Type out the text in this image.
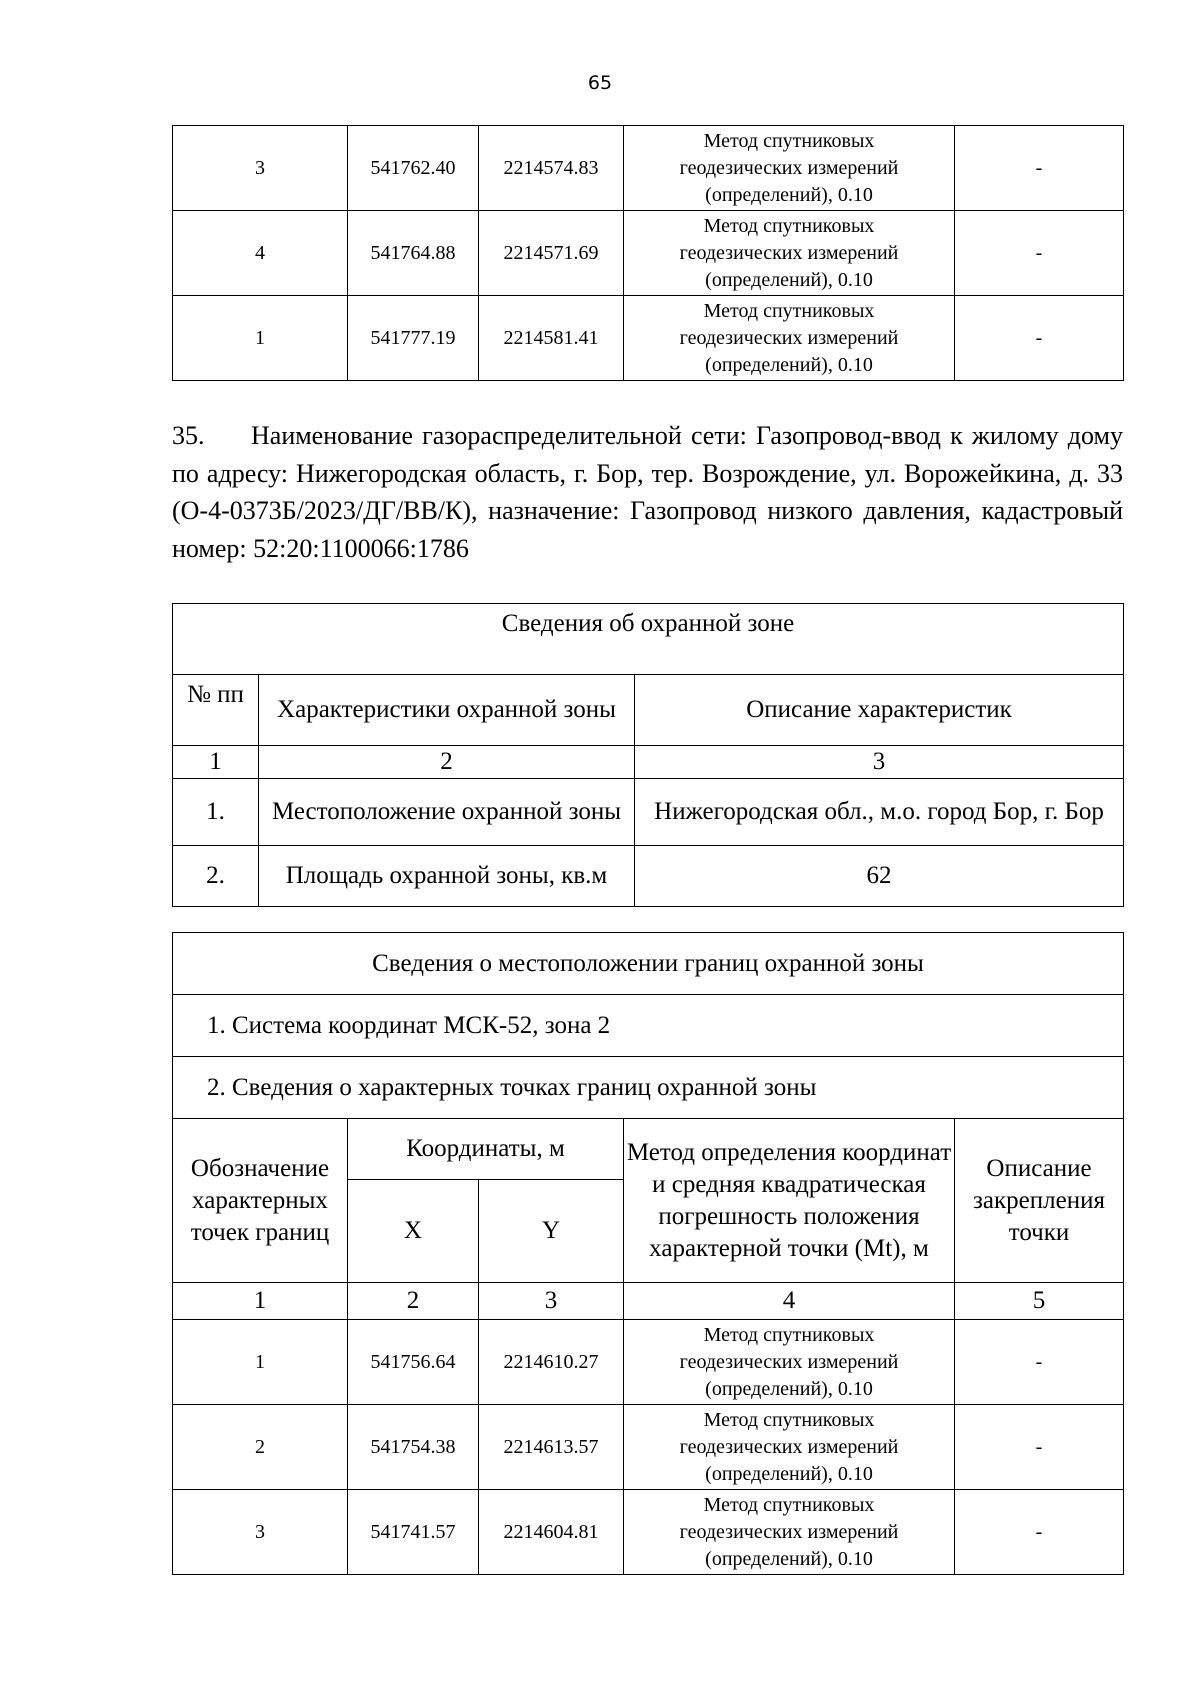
65
3	541762.40	2214574.83	Метод спутниковых
геодезических измерений
(определений), 0.10	-
4	541764.88	2214571.69	Метод спутниковых
геодезических измерений
(определений), 0.10	-
1	541777.19	2214581.41	Метод спутниковых
геодезических измерений
(определений), 0.10	-
35. Наименование газораспределительной сети: Газопровод-ввод к жилому дому по адресу: Нижегородская область, г. Бор, тер. Возрождение, ул. Ворожейкина, д. 33 (О-4-0373Б/2023/ДГ/ВВ/К), назначение: Газопровод низкого давления, кадастровый номер: 52:20:1100066:1786
Сведения об охранной зоне		
№ пп	Характеристики охранной зоны	Описание характеристик
1	2	3
1.	Местоположение охранной зоны	Нижегородская обл., м.о. город Бор, г. Бор
2.	Площадь охранной зоны, кв.м	62
Сведения о местоположении границ охранной зоны				
1. Система координат МСК-52, зона 2				
2. Сведения о характерных точках границ охранной зоны				
Обозначение характерных точек границ	Координаты, м		Метод определения координат и средняя квадратическая погрешность положения характерной точки (Mt), м	Описание закрепления точки
	X	Y		
1	2	3	4	5
1	541756.64	2214610.27	Метод спутниковых
геодезических измерений
(определений), 0.10	-
2	541754.38	2214613.57	Метод спутниковых
геодезических измерений
(определений), 0.10	-
3	541741.57	2214604.81	Метод спутниковых
геодезических измерений
(определений), 0.10	-
